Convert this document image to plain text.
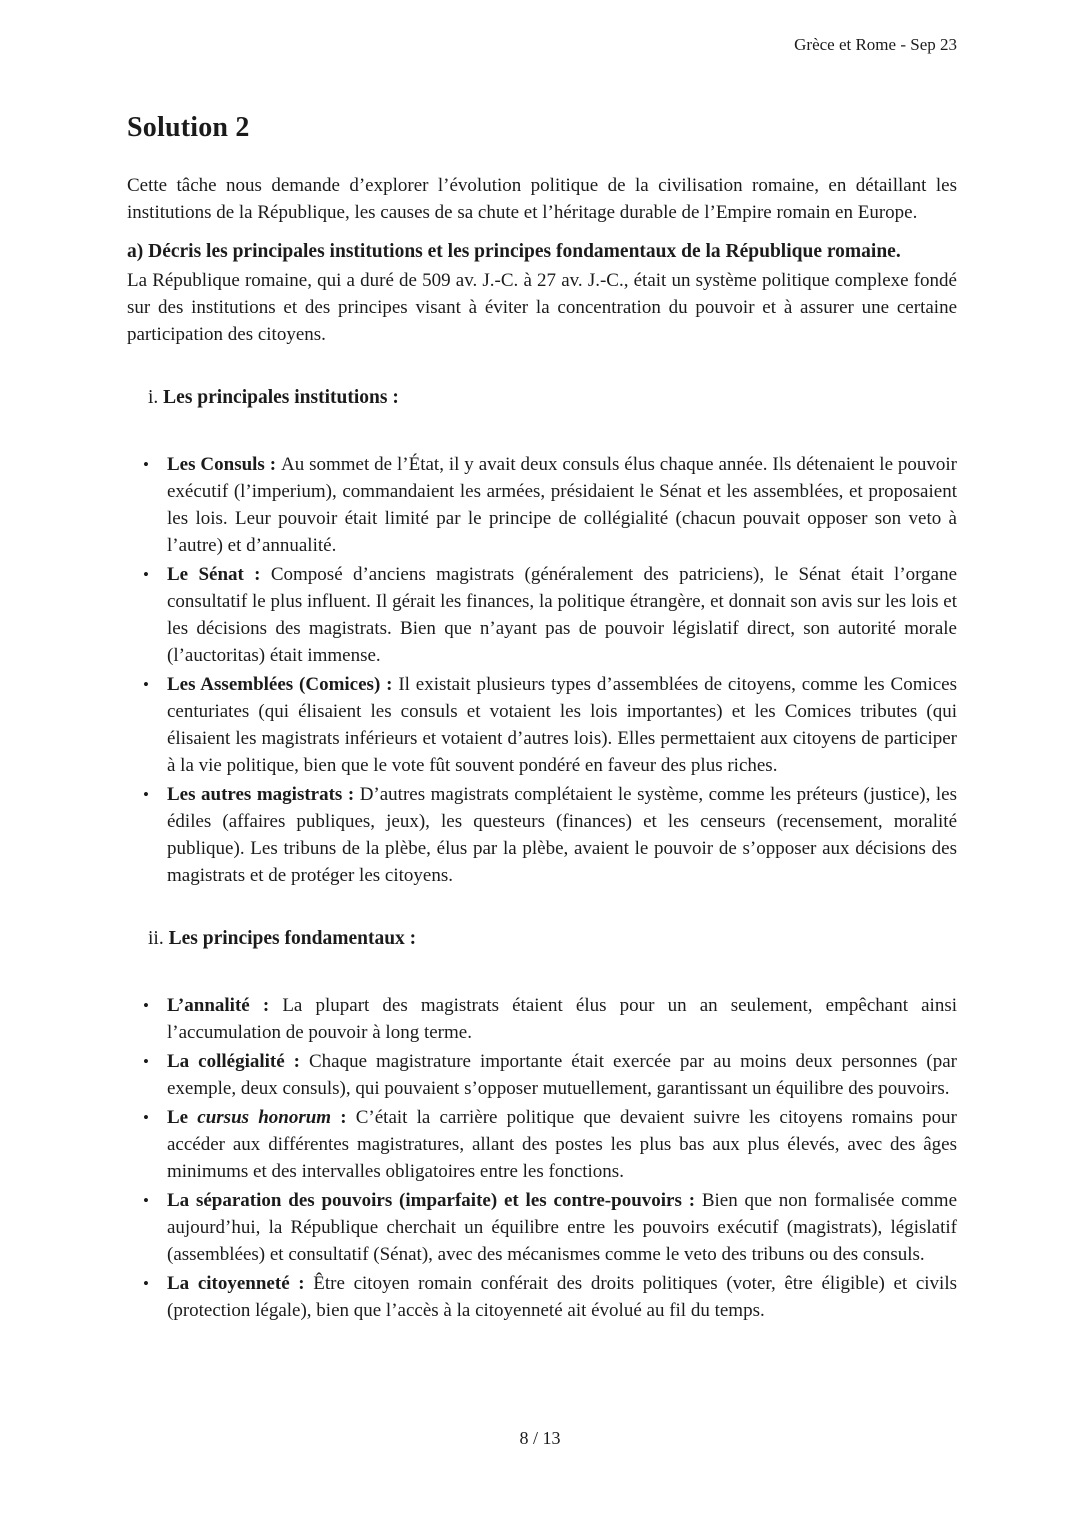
Grèce et Rome - Sep 23
Solution 2

Cette tâche nous demande d’explorer l’évolution politique de la civilisation romaine, en détaillant les institutions de la République, les causes de sa chute et l’héritage durable de l’Empire romain en Europe.

a) Décris les principales institutions et les principes fondamentaux de la République romaine.

La République romaine, qui a duré de 509 av. J.-C. à 27 av. J.-C., était un système politique complexe fondé sur des institutions et des principes visant à éviter la concentration du pouvoir et à assurer une certaine participation des citoyens.

i. Les principales institutions :
• Les Consuls : Au sommet de l’État, il y avait deux consuls élus chaque année. Ils détenaient le pouvoir exécutif (l’imperium), commandaient les armées, présidaient le Sénat et les assemblées, et proposaient les lois. Leur pouvoir était limité par le principe de collégialité (chacun pouvait opposer son veto à l’autre) et d’annualité.
• Le Sénat : Composé d’anciens magistrats (généralement des patriciens), le Sénat était l’organe consultatif le plus influent. Il gérait les finances, la politique étrangère, et donnait son avis sur les lois et les décisions des magistrats. Bien que n’ayant pas de pouvoir législatif direct, son autorité morale (l’auctoritas) était immense.
• Les Assemblées (Comices) : Il existait plusieurs types d’assemblées de citoyens, comme les Comices centuriates (qui élisaient les consuls et votaient les lois importantes) et les Comices tributes (qui élisaient les magistrats inférieurs et votaient d’autres lois). Elles permettaient aux citoyens de participer à la vie politique, bien que le vote fût souvent pondéré en faveur des plus riches.
• Les autres magistrats : D’autres magistrats complétaient le système, comme les préteurs (justice), les édiles (affaires publiques, jeux), les questeurs (finances) et les censeurs (recensement, moralité publique). Les tribuns de la plèbe, élus par la plèbe, avaient le pouvoir de s’opposer aux décisions des magistrats et de protéger les citoyens.
ii. Les principes fondamentaux :
• L’annalité : La plupart des magistrats étaient élus pour un an seulement, empêchant ainsi l’accumulation de pouvoir à long terme.
• La collégialité : Chaque magistrature importante était exercée par au moins deux personnes (par exemple, deux consuls), qui pouvaient s’opposer mutuellement, garantissant un équilibre des pouvoirs.
• Le cursus honorum : C’était la carrière politique que devaient suivre les citoyens romains pour accéder aux différentes magistratures, allant des postes les plus bas aux plus élevés, avec des âges minimums et des intervalles obligatoires entre les fonctions.
• La séparation des pouvoirs (imparfaite) et les contre-pouvoirs : Bien que non formalisée comme aujourd’hui, la République cherchait un équilibre entre les pouvoirs exécutif (magistrats), législatif (assemblées) et consultatif (Sénat), avec des mécanismes comme le veto des tribuns ou des consuls.
• La citoyenneté : Être citoyen romain conférait des droits politiques (voter, être éligible) et civils (protection légale), bien que l’accès à la citoyenneté ait évolué au fil du temps.
8 / 13
